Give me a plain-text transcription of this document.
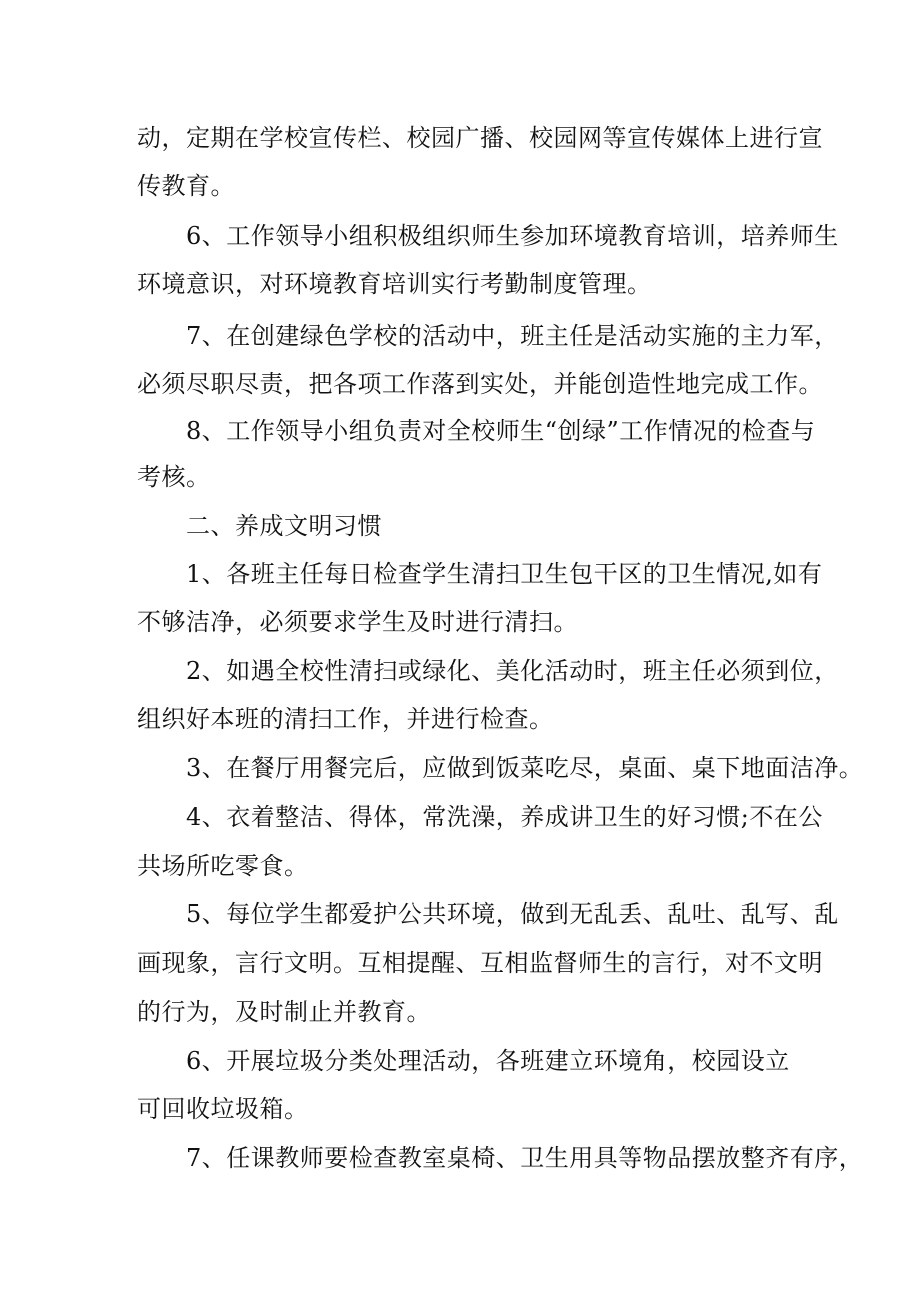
动，定期在学校宣传栏、校园广播、校园网等宣传媒体上进行宣
传教育。
6、工作领导小组积极组织师生参加环境教育培训，培养师生
环境意识，对环境教育培训实行考勤制度管理。
7、在创建绿色学校的活动中，班主任是活动实施的主力军，
必须尽职尽责，把各项工作落到实处，并能创造性地完成工作。
8、工作领导小组负责对全校师生“创绿”工作情况的检查与
考核。
二、养成文明习惯
1、各班主任每日检查学生清扫卫生包干区的卫生情况,如有
不够洁净，必须要求学生及时进行清扫。
2、如遇全校性清扫或绿化、美化活动时，班主任必须到位，
组织好本班的清扫工作，并进行检查。
3、在餐厅用餐完后，应做到饭菜吃尽，桌面、桌下地面洁净。
4、衣着整洁、得体，常洗澡，养成讲卫生的好习惯;不在公
共场所吃零食。
5、每位学生都爱护公共环境，做到无乱丢、乱吐、乱写、乱
画现象，言行文明。互相提醒、互相监督师生的言行，对不文明
的行为，及时制止并教育。
6、开展垃圾分类处理活动，各班建立环境角，校园设立
可回收垃圾箱。
7、任课教师要检查教室桌椅、卫生用具等物品摆放整齐有序，
